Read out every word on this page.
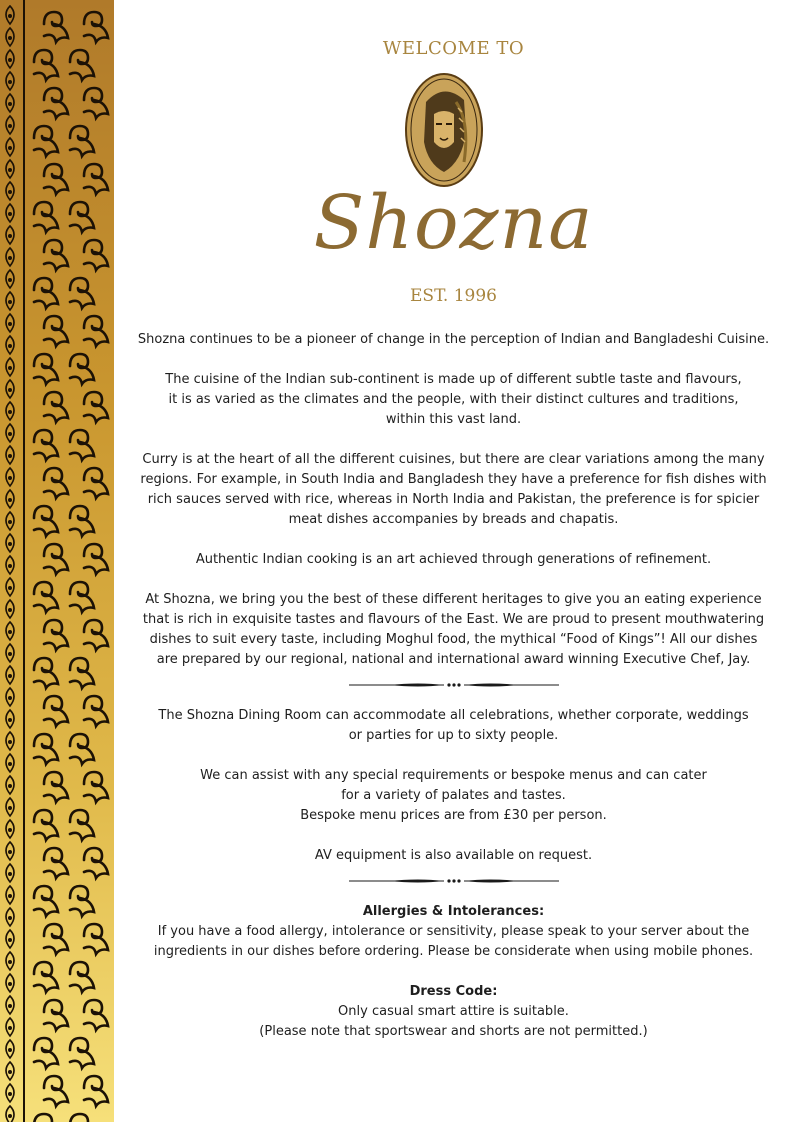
WELCOME TO
Shozna
EST. 1996

Shozna continues to be a pioneer of change in the perception of Indian and Bangladeshi Cuisine.

The cuisine of the Indian sub-continent is made up of different subtle taste and flavours,
it is as varied as the climates and the people, with their distinct cultures and traditions,
within this vast land.

Curry is at the heart of all the different cuisines, but there are clear variations among the many
regions. For example, in South India and Bangladesh they have a preference for fish dishes with
rich sauces served with rice, whereas in North India and Pakistan, the preference is for spicier
meat dishes accompanies by breads and chapatis.

Authentic Indian cooking is an art achieved through generations of refinement.

At Shozna, we bring you the best of these different heritages to give you an eating experience
that is rich in exquisite tastes and flavours of the East. We are proud to present mouthwatering
dishes to suit every taste, including Moghul food, the mythical “Food of Kings”! All our dishes
are prepared by our regional, national and international award winning Executive Chef, Jay.

The Shozna Dining Room can accommodate all celebrations, whether corporate, weddings
or parties for up to sixty people.

We can assist with any special requirements or bespoke menus and can cater
for a variety of palates and tastes.
Bespoke menu prices are from £30 per person.

AV equipment is also available on request.

Allergies & Intolerances:

If you have a food allergy, intolerance or sensitivity, please speak to your server about the
ingredients in our dishes before ordering. Please be considerate when using mobile phones.

Dress Code:

Only casual smart attire is suitable.
(Please note that sportswear and shorts are not permitted.)
